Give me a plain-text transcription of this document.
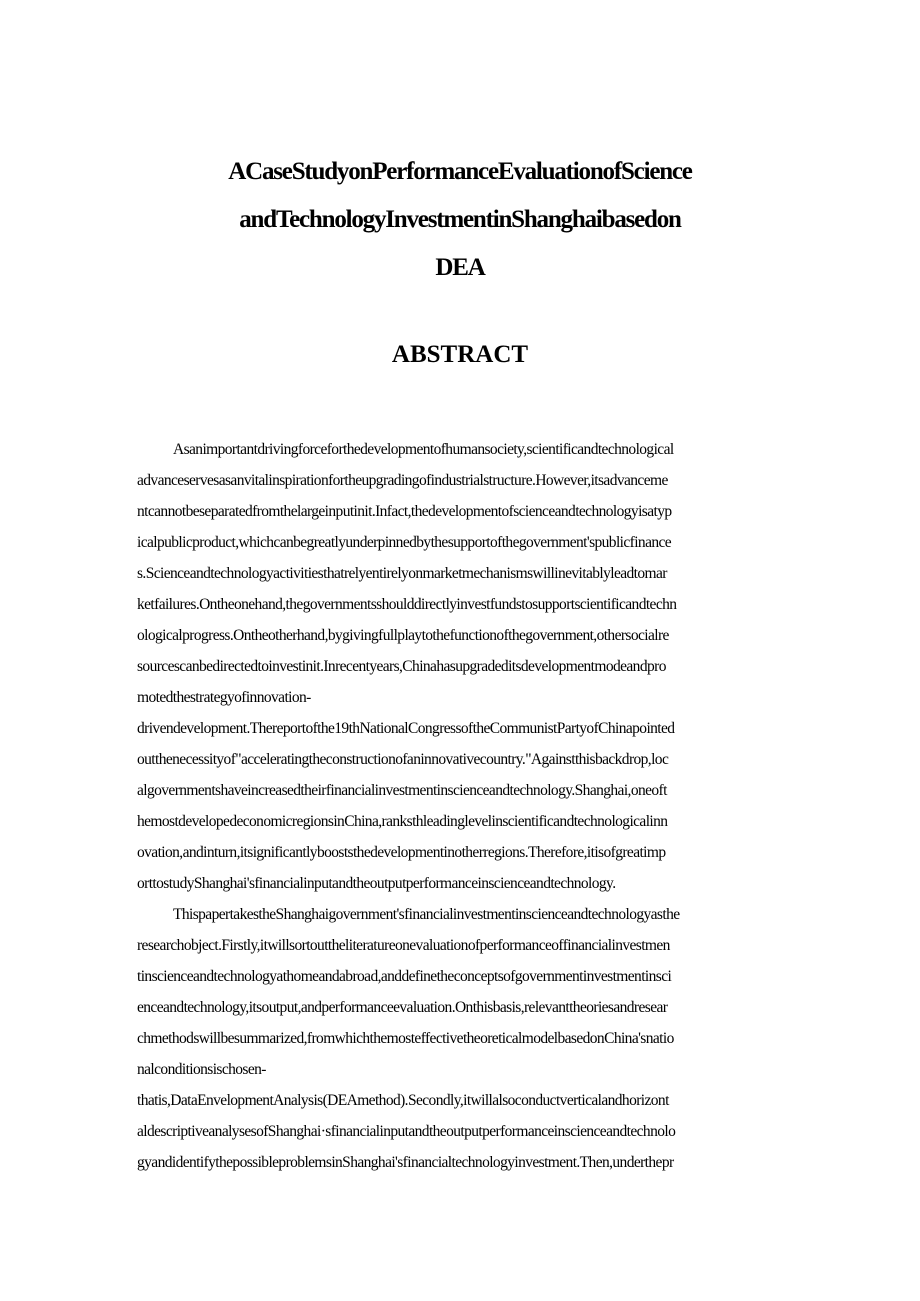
ACaseStudyonPerformanceEvaluationofScience
andTechnologyInvestmentinShanghaibasedon
DEA
ABSTRACT
Asanimportantdrivingforceforthedevelopmentofhumansociety,scientificandtechnological
advanceservesasanvitalinspirationfortheupgradingofindustrialstructure.However,itsadvanceme
ntcannotbeseparatedfromthelargeinputinit.Infact,thedevelopmentofscienceandtechnologyisatyp
icalpublicproduct,whichcanbegreatlyunderpinnedbythesupportofthegovernment'spublicfinance
s.Scienceandtechnologyactivitiesthatrelyentirelyonmarketmechanismswillinevitablyleadtomar
ketfailures.Ontheonehand,thegovernmentsshoulddirectlyinvestfundstosupportscientificandtechn
ologicalprogress.Ontheotherhand,bygivingfullplaytothefunctionofthegovernment,othersocialre
sourcescanbedirectedtoinvestinit.Inrecentyears,Chinahasupgradeditsdevelopmentmodeandpro
motedthestrategyofinnovation-
drivendevelopment.Thereportofthe19thNationalCongressoftheCommunistPartyofChinapointed
outthenecessityof"acceleratingtheconstructionofaninnovativecountry."Againstthisbackdrop,loc
algovernmentshaveincreasedtheirfinancialinvestmentinscienceandtechnology.Shanghai,oneoft
hemostdevelopedeconomicregionsinChina,ranksthleadinglevelinscientificandtechnologicalinn
ovation,andinturn,itsignificantlyboosts​thedevelopmentinotherregions.Therefore,itisofgreatimp
orttostudyShanghai'sfinancialinputandtheoutputperformanceinscienceandtechnology.
ThispapertakestheShanghaigovernment'sfinancialinvestmentinscienceandtechnologyasthe
researchobject.Firstly,itwillsortouttheliteratureonevaluationofperformanceoffinancialinvestmen
tinscienceandtechnologyathomeandabroad,anddefinetheconceptsofgovernmentinvestmentinsci
enceandtechnology,itsoutput,andperformanceevaluation.Onthisbasis,relevanttheoriesandresear
chmethodswillbesummarized,fromwhichthemosteffectivetheoreticalmodelbasedonChina'snatio
nalconditionsischosen-
thatis,DataEnvelopmentAnalysis(DEAmethod).Secondly,itwillalsoconductverticalandhorizont
aldescriptiveanalysesofShanghai·sfinancialinputandtheoutputperformanceinscienceandtechnolo
gyandidentifythepossibleproblemsinShanghai'sfinancialtechnologyinvestment.Then,underthepr
